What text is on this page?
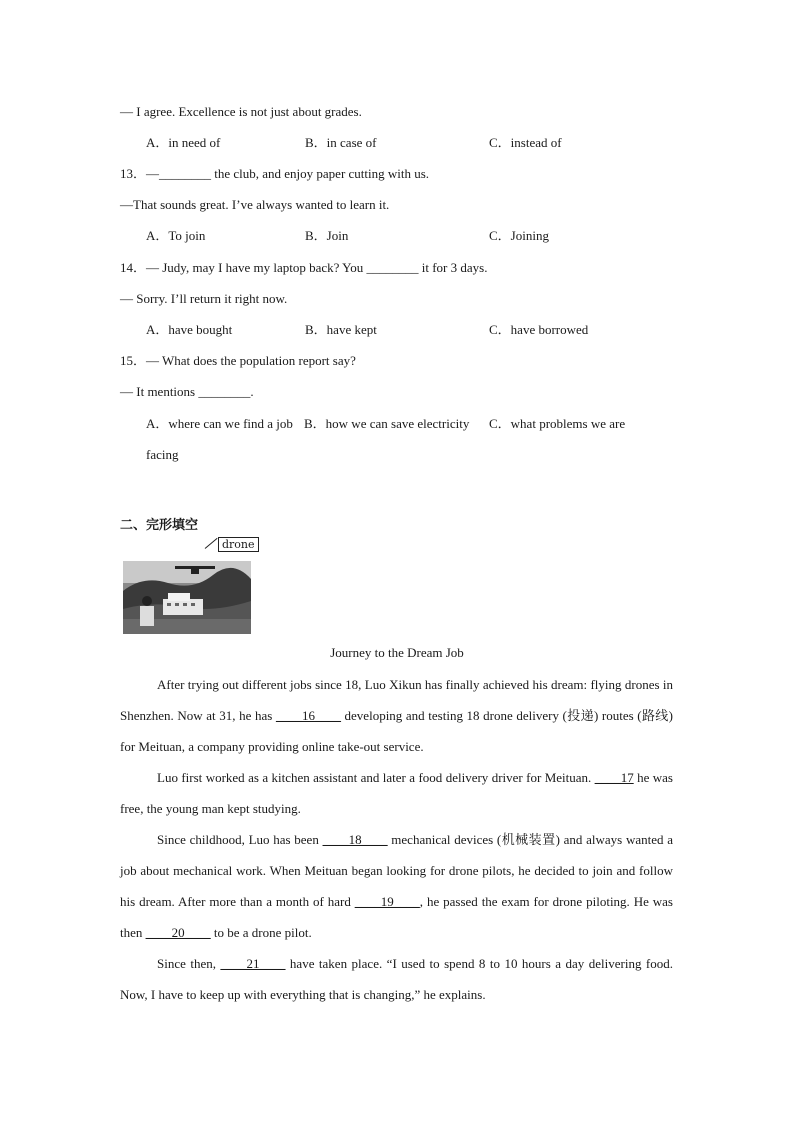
— I agree. Excellence is not just about grades.
A．in need of	B．in case of	C．instead of
13．—________ the club, and enjoy paper cutting with us.
—That sounds great. I’ve always wanted to learn it.
A．To join	B．Join	C．Joining
14．— Judy, may I have my laptop back? You ________ it for 3 days.
— Sorry. I’ll return it right now.
A．have bought	B．have kept	C．have borrowed
15．— What does the population report say?
— It mentions ________.
A．where can we find a job B．how we can save electricity C．what problems we are
facing
二、完形填空
drone
Journey to the Dream Job

After trying out different jobs since 18, Luo Xikun has finally achieved his dream: flying drones in Shenzhen. Now at 31, he has ____16____ developing and testing 18 drone delivery (投递) routes (路线) for Meituan, a company providing online take-out service.

Luo first worked as a kitchen assistant and later a food delivery driver for Meituan. ____17 he was free, the young man kept studying.

Since childhood, Luo has been ____18____ mechanical devices (机械装置) and always wanted a job about mechanical work. When Meituan began looking for drone pilots, he decided to join and follow his dream. After more than a month of hard ____19____, he passed the exam for drone piloting. He was then ____20____ to be a drone pilot.

Since then, ____21____ have taken place. “I used to spend 8 to 10 hours a day delivering food. Now, I have to keep up with everything that is changing,” he explains.
